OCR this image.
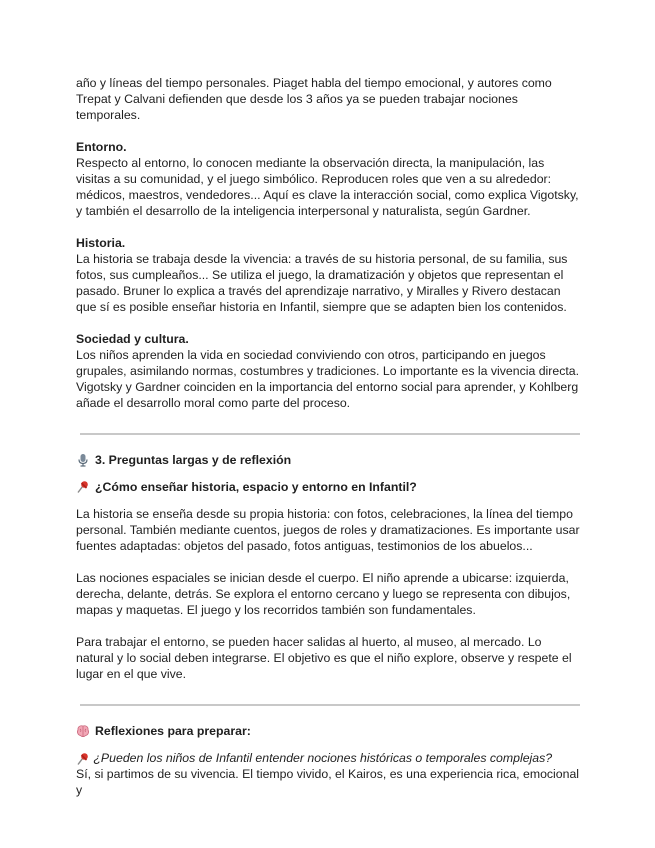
año y líneas del tiempo personales. Piaget habla del tiempo emocional, y autores como Trepat y Calvani defienden que desde los 3 años ya se pueden trabajar nociones temporales.

Entorno.

Respecto al entorno, lo conocen mediante la observación directa, la manipulación, las visitas a su comunidad, y el juego simbólico. Reproducen roles que ven a su alrededor: médicos, maestros, vendedores... Aquí es clave la interacción social, como explica Vigotsky, y también el desarrollo de la inteligencia interpersonal y naturalista, según Gardner.

Historia.

La historia se trabaja desde la vivencia: a través de su historia personal, de su familia, sus fotos, sus cumpleaños... Se utiliza el juego, la dramatización y objetos que representan el pasado. Bruner lo explica a través del aprendizaje narrativo, y Miralles y Rivero destacan que sí es posible enseñar historia en Infantil, siempre que se adapten bien los contenidos.

Sociedad y cultura.

Los niños aprenden la vida en sociedad conviviendo con otros, participando en juegos grupales, asimilando normas, costumbres y tradiciones. Lo importante es la vivencia directa. Vigotsky y Gardner coinciden en la importancia del entorno social para aprender, y Kohlberg añade el desarrollo moral como parte del proceso.

3. Preguntas largas y de reflexión
¿Cómo enseñar historia, espacio y entorno en Infantil?

La historia se enseña desde su propia historia: con fotos, celebraciones, la línea del tiempo personal. También mediante cuentos, juegos de roles y dramatizaciones. Es importante usar fuentes adaptadas: objetos del pasado, fotos antiguas, testimonios de los abuelos...

Las nociones espaciales se inician desde el cuerpo. El niño aprende a ubicarse: izquierda, derecha, delante, detrás. Se explora el entorno cercano y luego se representa con dibujos, mapas y maquetas. El juego y los recorridos también son fundamentales.

Para trabajar el entorno, se pueden hacer salidas al huerto, al museo, al mercado. Lo natural y lo social deben integrarse. El objetivo es que el niño explore, observe y respete el lugar en el que vive.

Reflexiones para preparar:
¿Pueden los niños de Infantil entender nociones históricas o temporales complejas?

Sí, si partimos de su vivencia. El tiempo vivido, el Kairos, es una experiencia rica, emocional y
